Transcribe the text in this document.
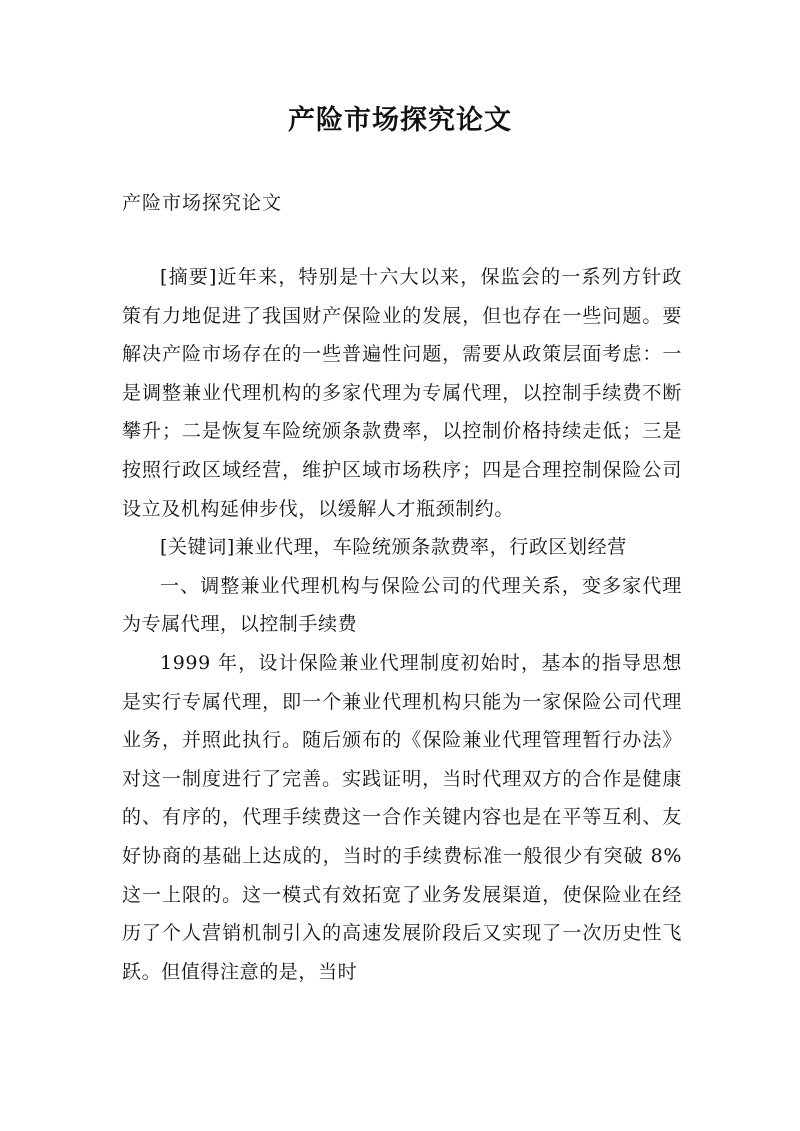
产险市场探究论文
产险市场探究论文

[摘要]近年来，特别是十六大以来，保监会的一系列方针政策有力地促进了我国财产保险业的发展，但也存在一些问题。要解决产险市场存在的一些普遍性问题，需要从政策层面考虑：一是调整兼业代理机构的多家代理为专属代理，以控制手续费不断攀升；二是恢复车险统颁条款费率，以控制价格持续走低；三是按照行政区域经营，维护区域市场秩序；四是合理控制保险公司设立及机构延伸步伐，以缓解人才瓶颈制约。

[关键词]兼业代理，车险统颁条款费率，行政区划经营

一、调整兼业代理机构与保险公司的代理关系，变多家代理为专属代理，以控制手续费

1999 年，设计保险兼业代理制度初始时，基本的指导思想是实行专属代理，即一个兼业代理机构只能为一家保险公司代理业务，并照此执行。随后颁布的《保险兼业代理管理暂行办法》对这一制度进行了完善。实践证明，当时代理双方的合作是健康的、有序的，代理手续费这一合作关键内容也是在平等互利、友好协商的基础上达成的，当时的手续费标准一般很少有突破 8%这一上限的。这一模式有效拓宽了业务发展渠道，使保险业在经历了个人营销机制引入的高速发展阶段后又实现了一次历史性飞跃。但值得注意的是，当时
